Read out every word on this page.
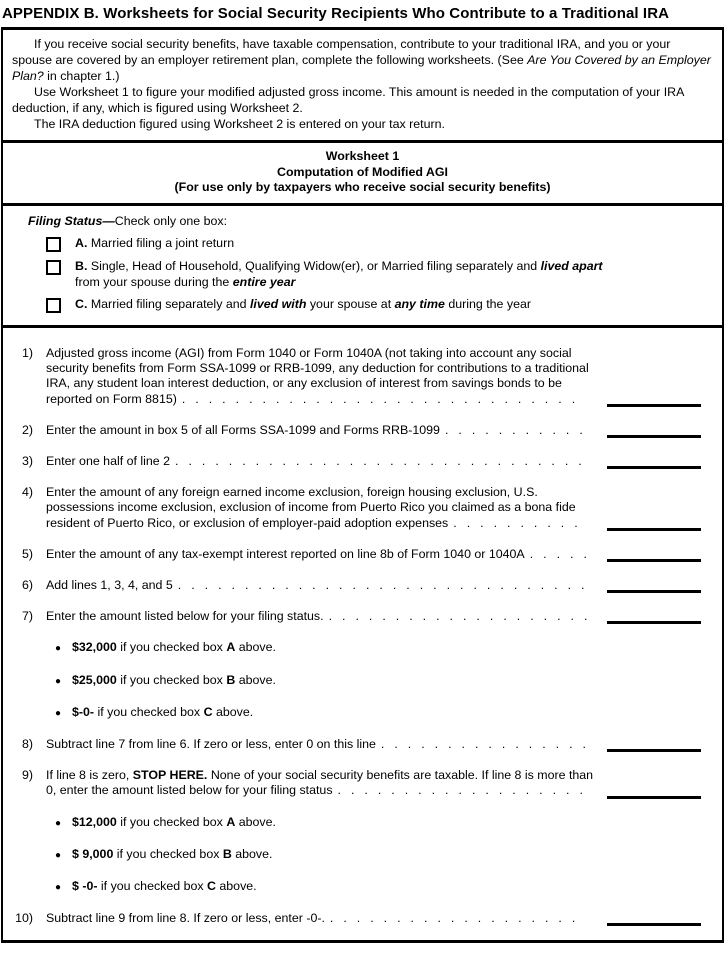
APPENDIX B. Worksheets for Social Security Recipients Who Contribute to a Traditional IRA

If you receive social security benefits, have taxable compensation, contribute to your traditional IRA, and you or your spouse are covered by an employer retirement plan, complete the following worksheets. (See Are You Covered by an Employer Plan? in chapter 1.)

Use Worksheet 1 to figure your modified adjusted gross income. This amount is needed in the computation of your IRA deduction, if any, which is figured using Worksheet 2.

The IRA deduction figured using Worksheet 2 is entered on your tax return.

Worksheet 1
Computation of Modified AGI
(For use only by taxpayers who receive social security benefits)
Filing Status—Check only one box:
A. Married filing a joint return
B. Single, Head of Household, Qualifying Widow(er), or Married filing separately and lived apart from your spouse during the entire year
C. Married filing separately and lived with your spouse at any time during the year
1) Adjusted gross income (AGI) from Form 1040 or Form 1040A (not taking into account any social security benefits from Form SSA-1099 or RRB-1099, any deduction for contributions to a traditional IRA, any student loan interest deduction, or any exclusion of interest from savings bonds to be reported on Form 8815) ..............................
2) Enter the amount in box 5 of all Forms SSA-1099 and Forms RRB-1099 ...........
3) Enter one half of line 2 ...............................
4) Enter the amount of any foreign earned income exclusion, foreign housing exclusion, U.S. possessions income exclusion, exclusion of income from Puerto Rico you claimed as a bona fide resident of Puerto Rico, or exclusion of employer-paid adoption expenses ..........
5) Enter the amount of any tax-exempt interest reported on line 8b of Form 1040 or 1040A .....
6) Add lines 1, 3, 4, and 5 ...............................
7) Enter the amount listed below for your filing status. ....................
●
$32,000 if you checked box A above.
●
$25,000 if you checked box B above.
●
$-0- if you checked box C above.
8) Subtract line 7 from line 6. If zero or less, enter 0 on this line ................
9) If line 8 is zero, STOP HERE. None of your social security benefits are taxable. If line 8 is more than 0, enter the amount listed below for your filing status ...................
●
$12,000 if you checked box A above.
●
$ 9,000 if you checked box B above.
●
$ -0- if you checked box C above.
10) Subtract line 9 from line 8. If zero or less, enter -0-. ...................
